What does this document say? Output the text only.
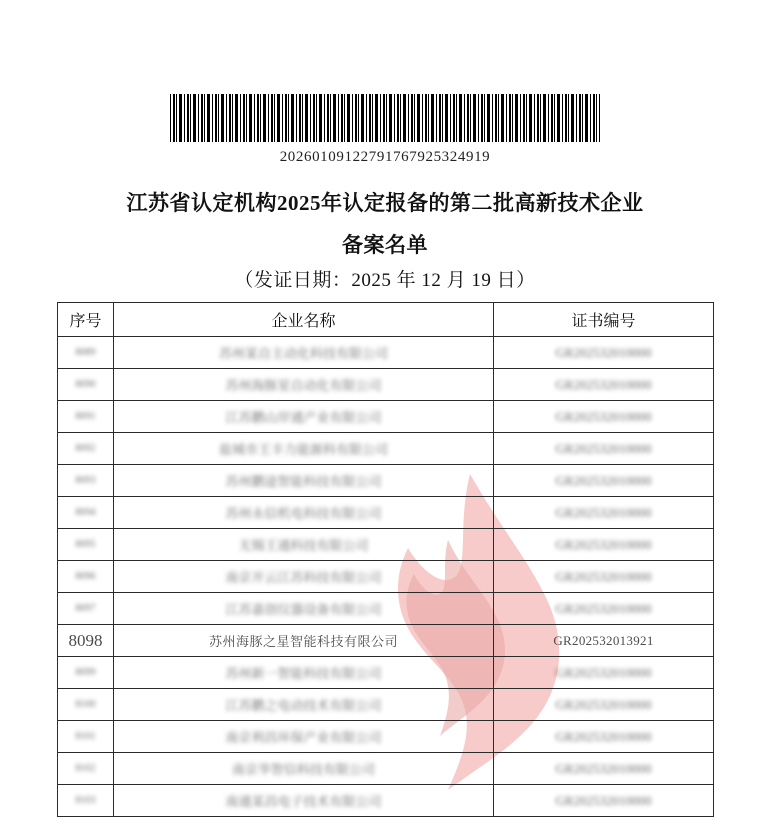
20260109122791767925324919
江苏省认定机构2025年认定报备的第二批高新技术企业
备案名单
（发证日期：2025 年 12 月 19 日）
序号	企业名称	证书编号
8089	苏州某自主动化科技有限公司	GR202532010000
8090	苏州海豚星自动化有限公司	GR202532010000
8091	江苏鹏山岸通产业有限公司	GR202532010000
8092	盐城市王丰力能源科有限公司	GR202532010000
8093	苏州鹏途智能科技有限公司	GR202532010000
8094	苏州永信机电科技有限公司	GR202532010000
8095	无锡王通科技有限公司	GR202532010000
8096	南京开云江苏科技有限公司	GR202532010000
8097	江苏嘉创仪器设备有限公司	GR202532010000
8098	苏州海豚之星智能科技有限公司	GR202532013921
8099	苏州新一智能科技有限公司	GR202532010000
8100	江苏鹏之电动技术有限公司	GR202532010000
8101	南京利昌环保产业有限公司	GR202532010000
8102	南京华智信科技有限公司	GR202532010000
8103	南通某昌电子技术有限公司	GR202532010000
